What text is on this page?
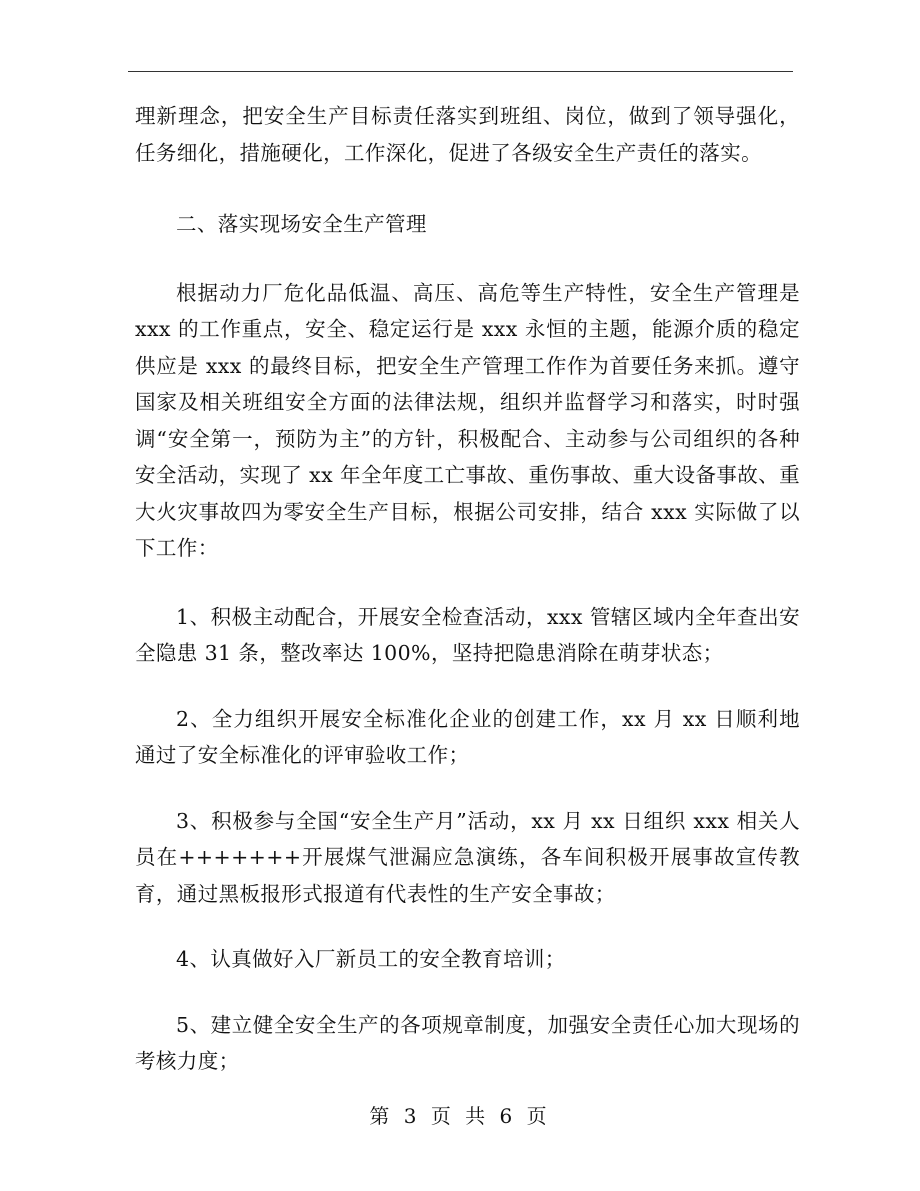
理新理念，把安全生产目标责任落实到班组、岗位，做到了领导强化，任务细化，措施硬化，工作深化，促进了各级安全生产责任的落实。

二、落实现场安全生产管理

根据动力厂危化品低温、高压、高危等生产特性，安全生产管理是 xxx 的工作重点，安全、稳定运行是 xxx 永恒的主题，能源介质的稳定供应是 xxx 的最终目标，把安全生产管理工作作为首要任务来抓。遵守国家及相关班组安全方面的法律法规，组织并监督学习和落实，时时强调“安全第一，预防为主”的方针，积极配合、主动参与公司组织的各种安全活动，实现了 xx 年全年度工亡事故、重伤事故、重大设备事故、重大火灾事故四为零安全生产目标，根据公司安排，结合 xxx 实际做了以下工作：

1、积极主动配合，开展安全检查活动，xxx 管辖区域内全年查出安全隐患 31 条，整改率达 100%，坚持把隐患消除在萌芽状态；

2、全力组织开展安全标准化企业的创建工作，xx 月 xx 日顺利地通过了安全标准化的评审验收工作；

3、积极参与全国“安全生产月”活动，xx 月 xx 日组织 xxx 相关人员在+++++++开展煤气泄漏应急演练，各车间积极开展事故宣传教育，通过黑板报形式报道有代表性的生产安全事故；

4、认真做好入厂新员工的安全教育培训；

5、建立健全安全生产的各项规章制度，加强安全责任心加大现场的考核力度；

第 3 页 共 6 页
